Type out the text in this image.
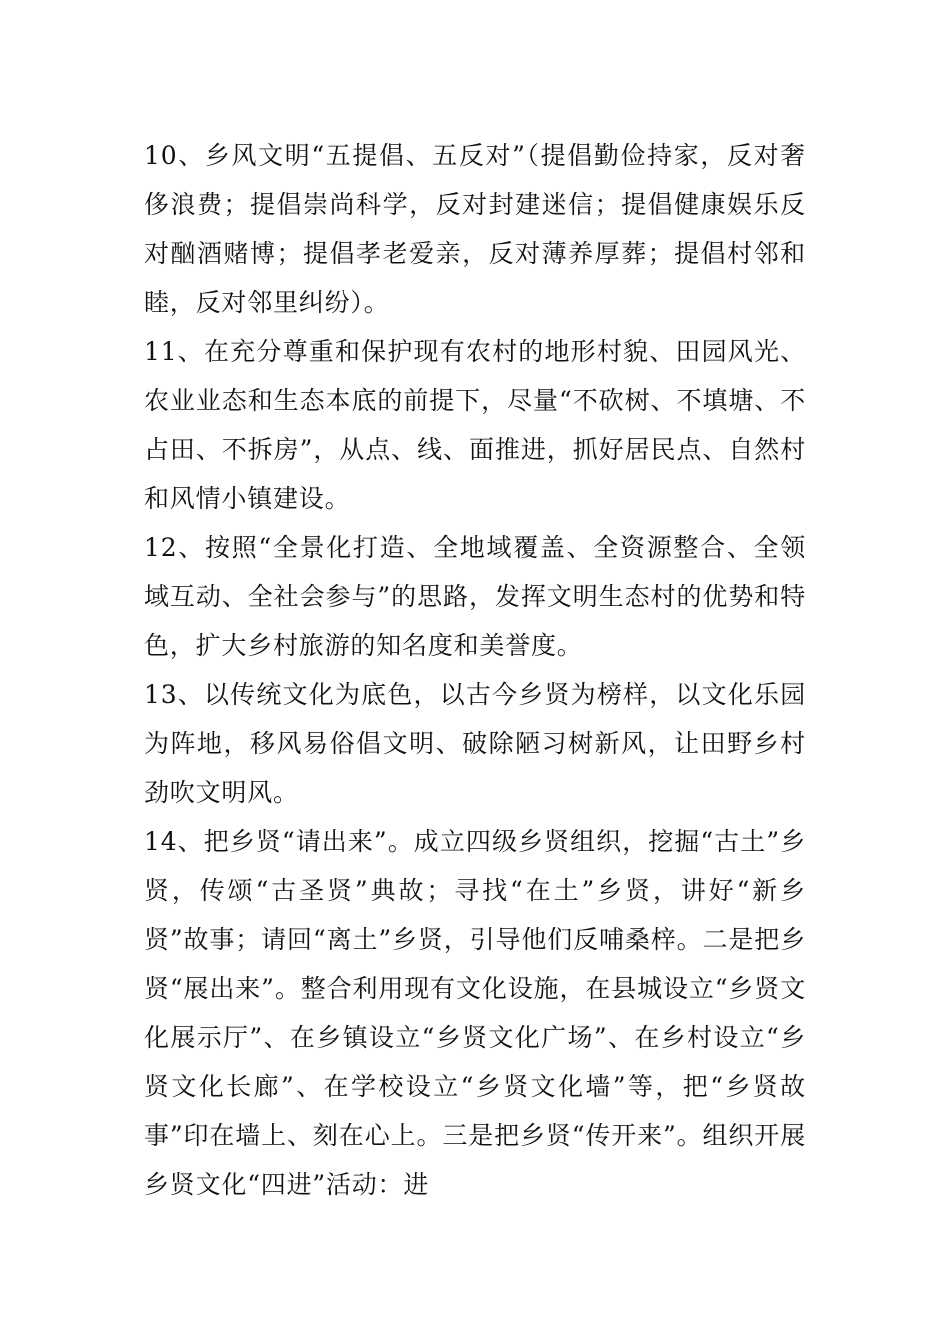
10、乡风文明“五提倡、五反对”（提倡勤俭持家，反对奢侈浪费；提倡崇尚科学，反对封建迷信；提倡健康娱乐反对酗酒赌博；提倡孝老爱亲，反对薄养厚葬；提倡村邻和睦，反对邻里纠纷）。

11、在充分尊重和保护现有农村的地形村貌、田园风光、农业业态和生态本底的前提下，尽量“不砍树、不填塘、不占田、不拆房”，从点、线、面推进，抓好居民点、自然村和风情小镇建设。

12、按照“全景化打造、全地域覆盖、全资源整合、全领域互动、全社会参与”的思路，发挥文明生态村的优势和特色，扩大乡村旅游的知名度和美誉度。

13、以传统文化为底色，以古今乡贤为榜样，以文化乐园为阵地，移风易俗倡文明、破除陋习树新风，让田野乡村劲吹文明风。

14、把乡贤“请出来”。成立四级乡贤组织，挖掘“古土”乡贤，传颂“古圣贤”典故；寻找“在土”乡贤，讲好“新乡贤”故事；请回“离土”乡贤，引导他们反哺桑梓。二是把乡贤“展出来”。整合利用现有文化设施，在县城设立“乡贤文化展示厅”、在乡镇设立“乡贤文化广场”、在乡村设立“乡贤文化长廊”、在学校设立“乡贤文化墙”等，把“乡贤故事”印在墙上、刻在心上。三是把乡贤“传开来”。组织开展乡贤文化“四进”活动：进
